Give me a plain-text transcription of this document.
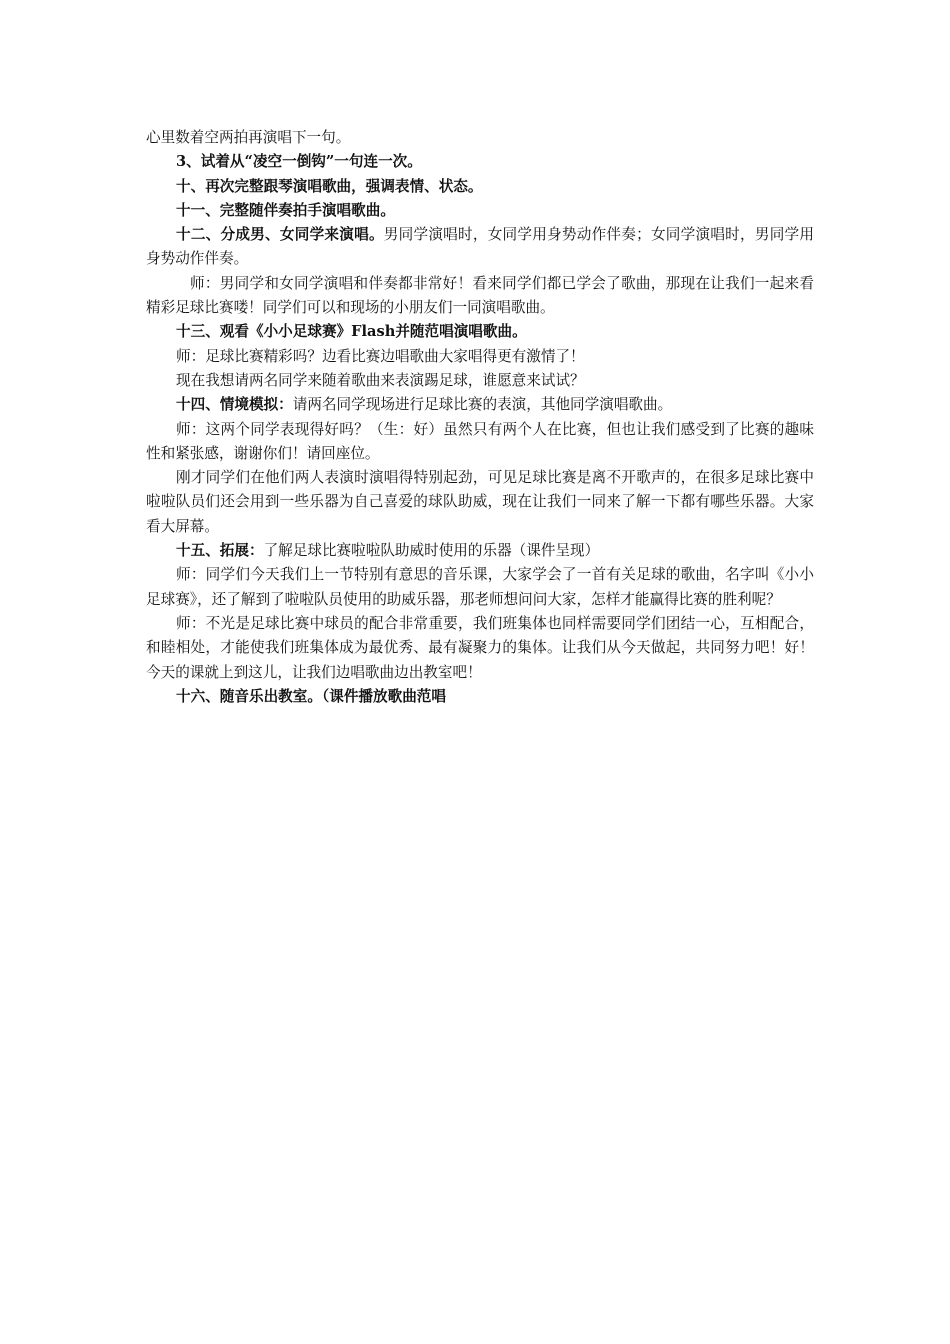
心里数着空两拍再演唱下一句。

3、试着从“凌空一倒钩”一句连一次。

十、再次完整跟琴演唱歌曲，强调表情、状态。

十一、完整随伴奏拍手演唱歌曲。

十二、分成男、女同学来演唱。男同学演唱时，女同学用身势动作伴奏；女同学演唱时，男同学用身势动作伴奏。

师：男同学和女同学演唱和伴奏都非常好！看来同学们都已学会了歌曲，那现在让我们一起来看精彩足球比赛喽！同学们可以和现场的小朋友们一同演唱歌曲。

十三、观看《小小足球赛》Flash并随范唱演唱歌曲。

师：足球比赛精彩吗？边看比赛边唱歌曲大家唱得更有激情了！

现在我想请两名同学来随着歌曲来表演踢足球，谁愿意来试试？

十四、情境模拟：请两名同学现场进行足球比赛的表演，其他同学演唱歌曲。

师：这两个同学表现得好吗？（生：好）虽然只有两个人在比赛，但也让我们感受到了比赛的趣味性和紧张感，谢谢你们！请回座位。

刚才同学们在他们两人表演时演唱得特别起劲，可见足球比赛是离不开歌声的，在很多足球比赛中啦啦队员们还会用到一些乐器为自己喜爱的球队助威，现在让我们一同来了解一下都有哪些乐器。大家看大屏幕。

十五、拓展：了解足球比赛啦啦队助威时使用的乐器（课件呈现）

师：同学们今天我们上一节特别有意思的音乐课，大家学会了一首有关足球的歌曲，名字叫《小小足球赛》，还了解到了啦啦队员使用的助威乐器，那老师想问问大家，怎样才能赢得比赛的胜利呢？

师：不光是足球比赛中球员的配合非常重要，我们班集体也同样需要同学们团结一心，互相配合，和睦相处，才能使我们班集体成为最优秀、最有凝聚力的集体。让我们从今天做起，共同努力吧！好！今天的课就上到这儿，让我们边唱歌曲边出教室吧！

十六、随音乐出教室。（课件播放歌曲范唱
